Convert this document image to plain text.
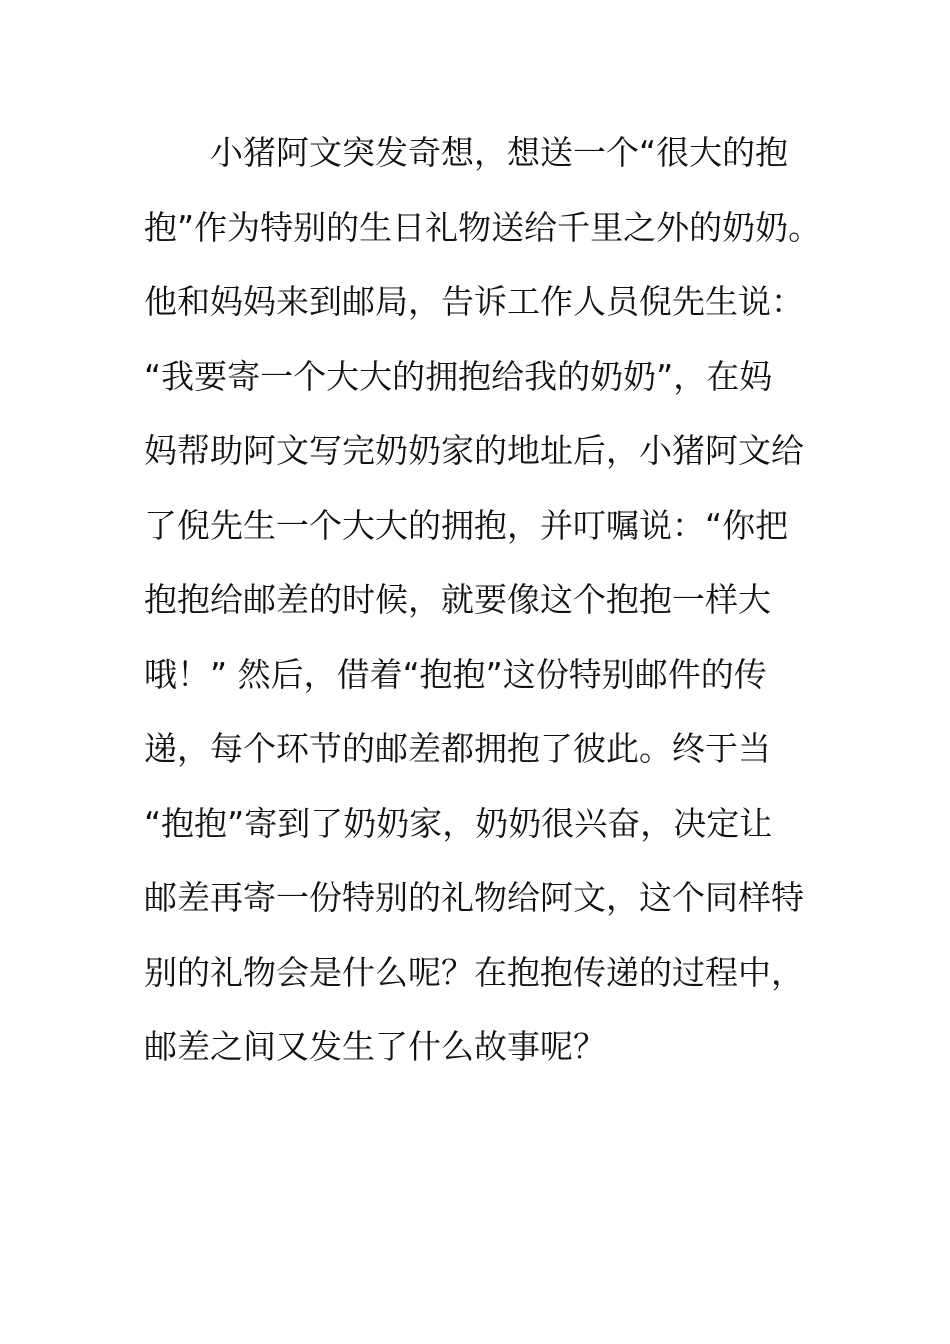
　　小猪阿文突发奇想，想送一个“很大的抱
抱”作为特别的生日礼物送给千里之外的奶奶。
他和妈妈来到邮局，告诉工作人员倪先生说：
“我要寄一个大大的拥抱给我的奶奶”，在妈
妈帮助阿文写完奶奶家的地址后，小猪阿文给
了倪先生一个大大的拥抱，并叮嘱说：“你把
抱抱给邮差的时候，就要像这个抱抱一样大
哦！” 然后，借着“抱抱”这份特别邮件的传
递，每个环节的邮差都拥抱了彼此。终于当
“抱抱”寄到了奶奶家，奶奶很兴奋，决定让
邮差再寄一份特别的礼物给阿文，这个同样特
别的礼物会是什么呢？在抱抱传递的过程中，
邮差之间又发生了什么故事呢？
